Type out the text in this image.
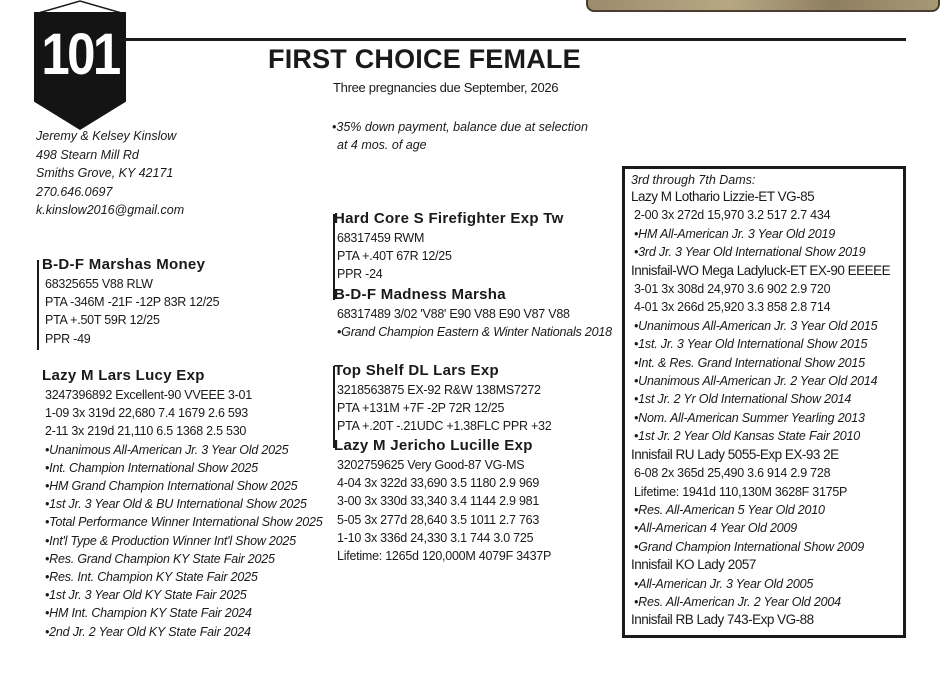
101	FIRST CHOICE FEMALE
Three pregnancies due September, 2026
•35% down payment, balance due at selection
at 4 mos. of age
Jeremy & Kelsey Kinslow
498 Stearn Mill Rd
Smiths Grove, KY 42171
270.646.0697
k.kinslow2016@gmail.com	Hard Core S Firefighter Exp Tw
68317459 RWM
PTA +.40T 67R 12/25
PPR -24
B-D-F Madness Marsha
68317489 3/02 'V88' E90 V88 E90 V87 V88
•Grand Champion Eastern & Winter Nationals 2018
B-D-F Marshas Money
68325655 V88 RLW
PTA -346M -21F -12P 83R 12/25
PTA +.50T 59R 12/25
PPR -49
Top Shelf DL Lars Exp
3218563875 EX-92 R&W 138MS7272
PTA +131M +7F -2P 72R 12/25
PTA +.20T -.21UDC +1.38FLC PPR +32
Lazy M Jericho Lucille Exp
3202759625 Very Good-87 VG-MS
4-04 3x 322d 33,690 3.5 1180 2.9 969
3-00 3x 330d 33,340 3.4 1144 2.9 981
5-05 3x 277d 28,640 3.5 1011 2.7 763
1-10 3x 336d 24,330 3.1 744 3.0 725
Lifetime: 1265d 120,000M 4079F 3437P
Lazy M Lars Lucy Exp
3247396892 Excellent-90 VVEEE 3-01
1-09 3x 319d 22,680 7.4 1679 2.6 593
2-11 3x 219d 21,110 6.5 1368 2.5 530
•Unanimous All-American Jr. 3 Year Old 2025
•Int. Champion International Show 2025
•HM Grand Champion International Show 2025
•1st Jr. 3 Year Old & BU International Show 2025
•Total Performance Winner International Show 2025
•Int'l Type & Production Winner Int'l Show 2025
•Res. Grand Champion KY State Fair 2025
•Res. Int. Champion KY State Fair 2025
•1st Jr. 3 Year Old KY State Fair 2025
•HM Int. Champion KY State Fair 2024
•2nd Jr. 2 Year Old KY State Fair 2024
3rd through 7th Dams:
Lazy M Lothario Lizzie-ET VG-85
2-00 3x 272d 15,970 3.2 517 2.7 434
•HM All-American Jr. 3 Year Old 2019
•3rd Jr. 3 Year Old International Show 2019
Innisfail-WO Mega Ladyluck-ET EX-90 EEEEE
3-01 3x 308d 24,970 3.6 902 2.9 720
4-01 3x 266d 25,920 3.3 858 2.8 714
•Unanimous All-American Jr. 3 Year Old 2015
•1st. Jr. 3 Year Old International Show 2015
•Int. & Res. Grand International Show 2015
•Unanimous All-American Jr. 2 Year Old 2014
•1st Jr. 2 Yr Old International Show 2014
•Nom. All-American Summer Yearling 2013
•1st Jr. 2 Year Old Kansas State Fair 2010
Innisfail RU Lady 5055-Exp EX-93 2E
6-08 2x 365d 25,490 3.6 914 2.9 728
Lifetime: 1941d 110,130M 3628F 3175P
•Res. All-American 5 Year Old 2010
•All-American 4 Year Old 2009
•Grand Champion International Show 2009
Innisfail KO Lady 2057
•All-American Jr. 3 Year Old 2005
•Res. All-American Jr. 2 Year Old 2004
Innisfail RB Lady 743-Exp VG-88
